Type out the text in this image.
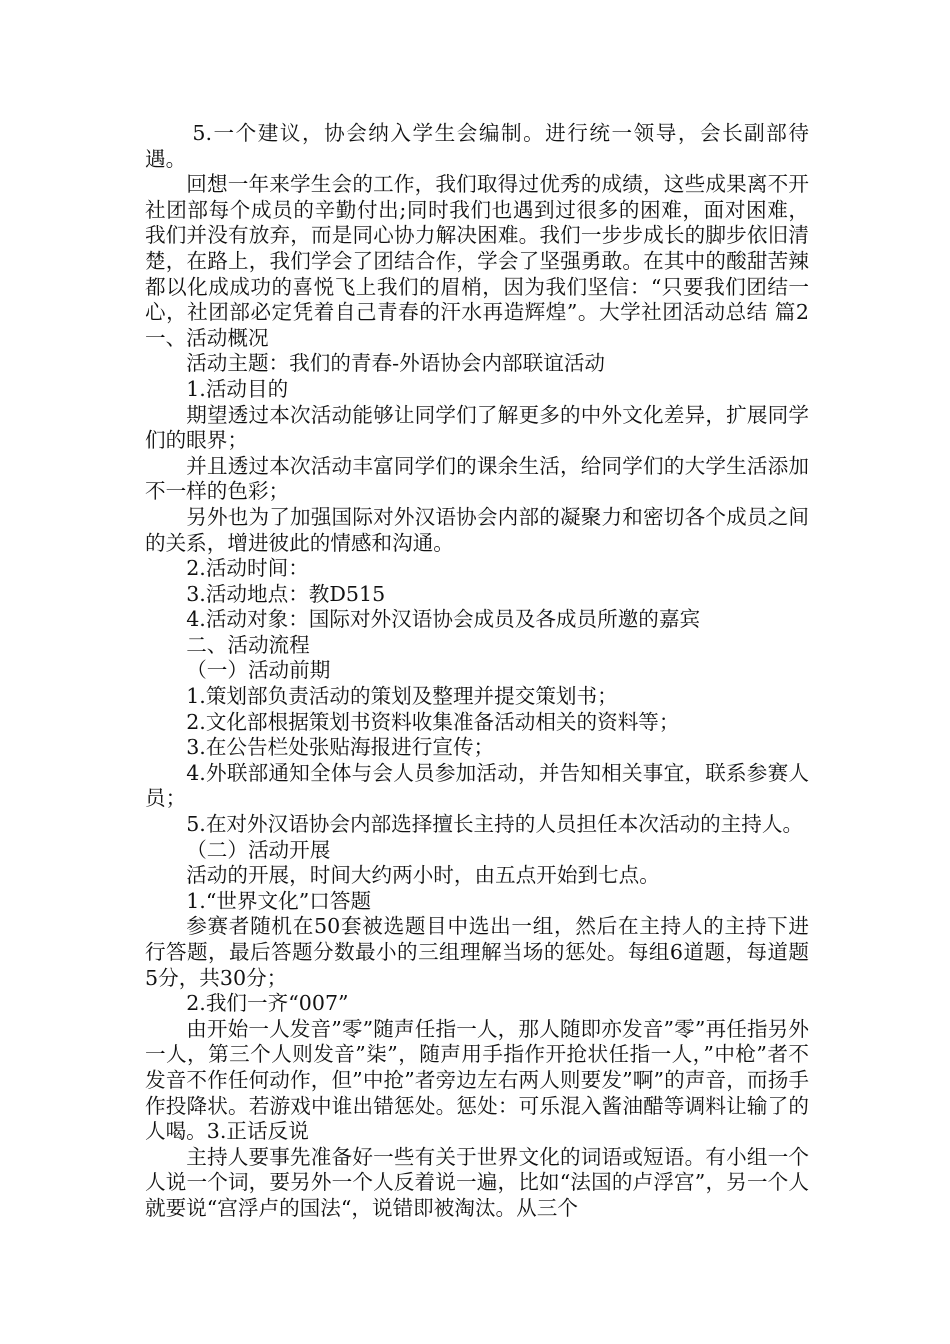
5.一个建议，协会纳入学生会编制。进行统一领导，会长副部待遇。

回想一年来学生会的工作，我们取得过优秀的成绩，这些成果离不开社团部每个成员的辛勤付出;同时我们也遇到过很多的困难，面对困难，我们并没有放弃，而是同心协力解决困难。我们一步步成长的脚步依旧清楚，在路上，我们学会了团结合作，学会了坚强勇敢。在其中的酸甜苦辣都以化成成功的喜悦飞上我们的眉梢，因为我们坚信：“只要我们团结一心，社团部必定凭着自己青春的汗水再造辉煌”。大学社团活动总结 篇2一、活动概况

活动主题：我们的青春-外语协会内部联谊活动

1.活动目的

期望透过本次活动能够让同学们了解更多的中外文化差异，扩展同学们的眼界；

并且透过本次活动丰富同学们的课余生活，给同学们的大学生活添加不一样的色彩；

另外也为了加强国际对外汉语协会内部的凝聚力和密切各个成员之间的关系，增进彼此的情感和沟通。

2.活动时间：

3.活动地点：教D515

4.活动对象：国际对外汉语协会成员及各成员所邀的嘉宾

二、活动流程

（一）活动前期

1.策划部负责活动的策划及整理并提交策划书；

2.文化部根据策划书资料收集准备活动相关的资料等；

3.在公告栏处张贴海报进行宣传；

4.外联部通知全体与会人员参加活动，并告知相关事宜，联系参赛人员；

5.在对外汉语协会内部选择擅长主持的人员担任本次活动的主持人。

（二）活动开展

活动的开展，时间大约两小时，由五点开始到七点。

1.“世界文化”口答题

参赛者随机在50套被选题目中选出一组，然后在主持人的主持下进行答题，最后答题分数最小的三组理解当场的惩处。每组6道题，每道题5分，共30分；

2.我们一齐“007”

由开始一人发音”零”随声任指一人，那人随即亦发音”零”再任指另外一人，第三个人则发音”柒”，随声用手指作开抢状任指一人，”中枪”者不发音不作任何动作，但”中抢”者旁边左右两人则要发”啊”的声音，而扬手作投降状。若游戏中谁出错惩处。惩处：可乐混入酱油醋等调料让输了的人喝。3.正话反说

主持人要事先准备好一些有关于世界文化的词语或短语。有小组一个人说一个词，要另外一个人反着说一遍，比如“法国的卢浮宫”，另一个人就要说“宫浮卢的国法“，说错即被淘汰。从三个
